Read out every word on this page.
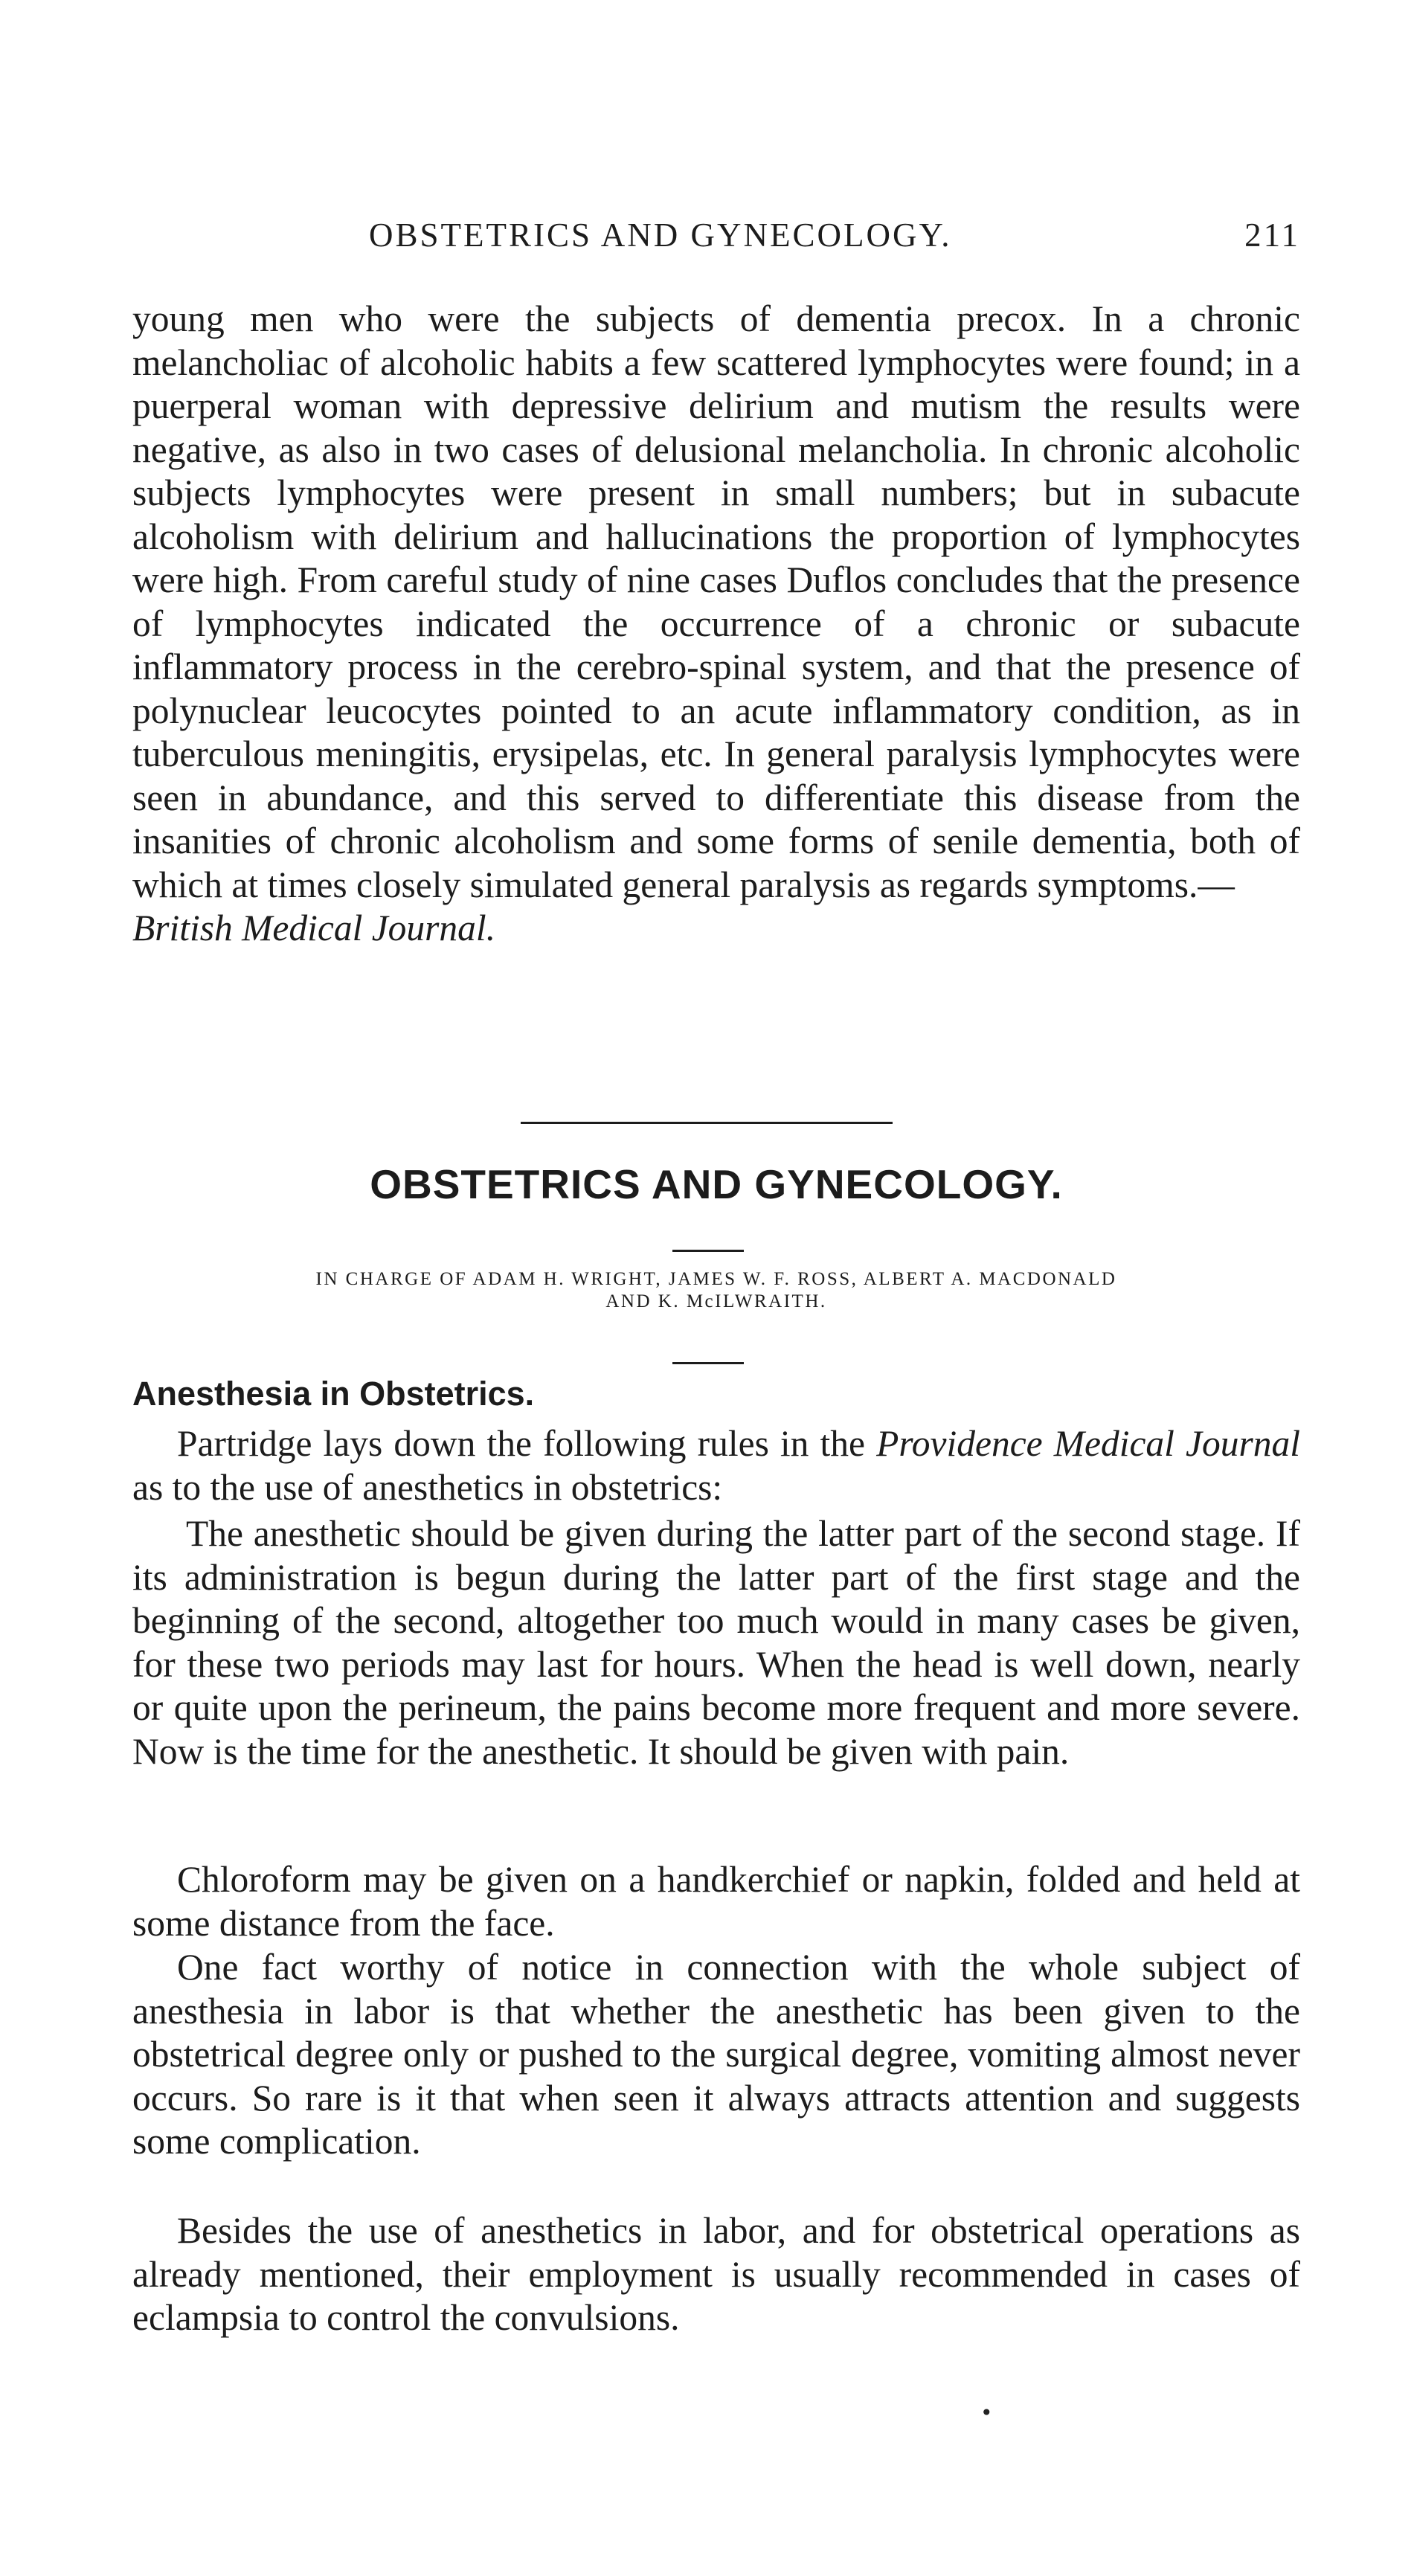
OBSTETRICS AND GYNECOLOGY.	211

young men who were the subjects of dementia precox. In a chronic melancholiac of alcoholic habits a few scattered lymphocytes were found; in a puerperal woman with depressive delirium and mutism the results were negative, as also in two cases of delusional melancholia. In chronic alcoholic subjects lymphocytes were present in small numbers; but in subacute alcoholism with delirium and hallucinations the proportion of lymphocytes were high. From careful study of nine cases Duflos concludes that the presence of lymphocytes indicated the occurrence of a chronic or subacute inflammatory process in the cerebro-spinal system, and that the presence of polynuclear leucocytes pointed to an acute inflammatory condition, as in tuberculous meningitis, erysipelas, etc. In general paralysis lymphocytes were seen in abundance, and this served to differentiate this disease from the insanities of chronic alcoholism and some forms of senile dementia, both of which at times closely simulated general paralysis as regards symptoms.—
British Medical Journal.

OBSTETRICS AND GYNECOLOGY.

IN CHARGE OF ADAM H. WRIGHT, JAMES W. F. ROSS, ALBERT A. MACDONALD
AND K. McILWRAITH.

Anesthesia in Obstetrics.

Partridge lays down the following rules in the Providence Medical Journal as to the use of anesthetics in obstetrics:

The anesthetic should be given during the latter part of the second stage. If its administration is begun during the latter part of the first stage and the beginning of the second, altogether too much would in many cases be given, for these two periods may last for hours. When the head is well down, nearly or quite upon the perineum, the pains become more frequent and more severe. Now is the time for the anesthetic. It should be given with pain.

Chloroform may be given on a handkerchief or napkin, folded and held at some distance from the face.

One fact worthy of notice in connection with the whole subject of anesthesia in labor is that whether the anesthetic has been given to the obstetrical degree only or pushed to the surgical degree, vomiting almost never occurs. So rare is it that when seen it always attracts attention and suggests some complication.

Besides the use of anesthetics in labor, and for obstetrical operations as already mentioned, their employment is usually recommended in cases of eclampsia to control the convulsions.

•
